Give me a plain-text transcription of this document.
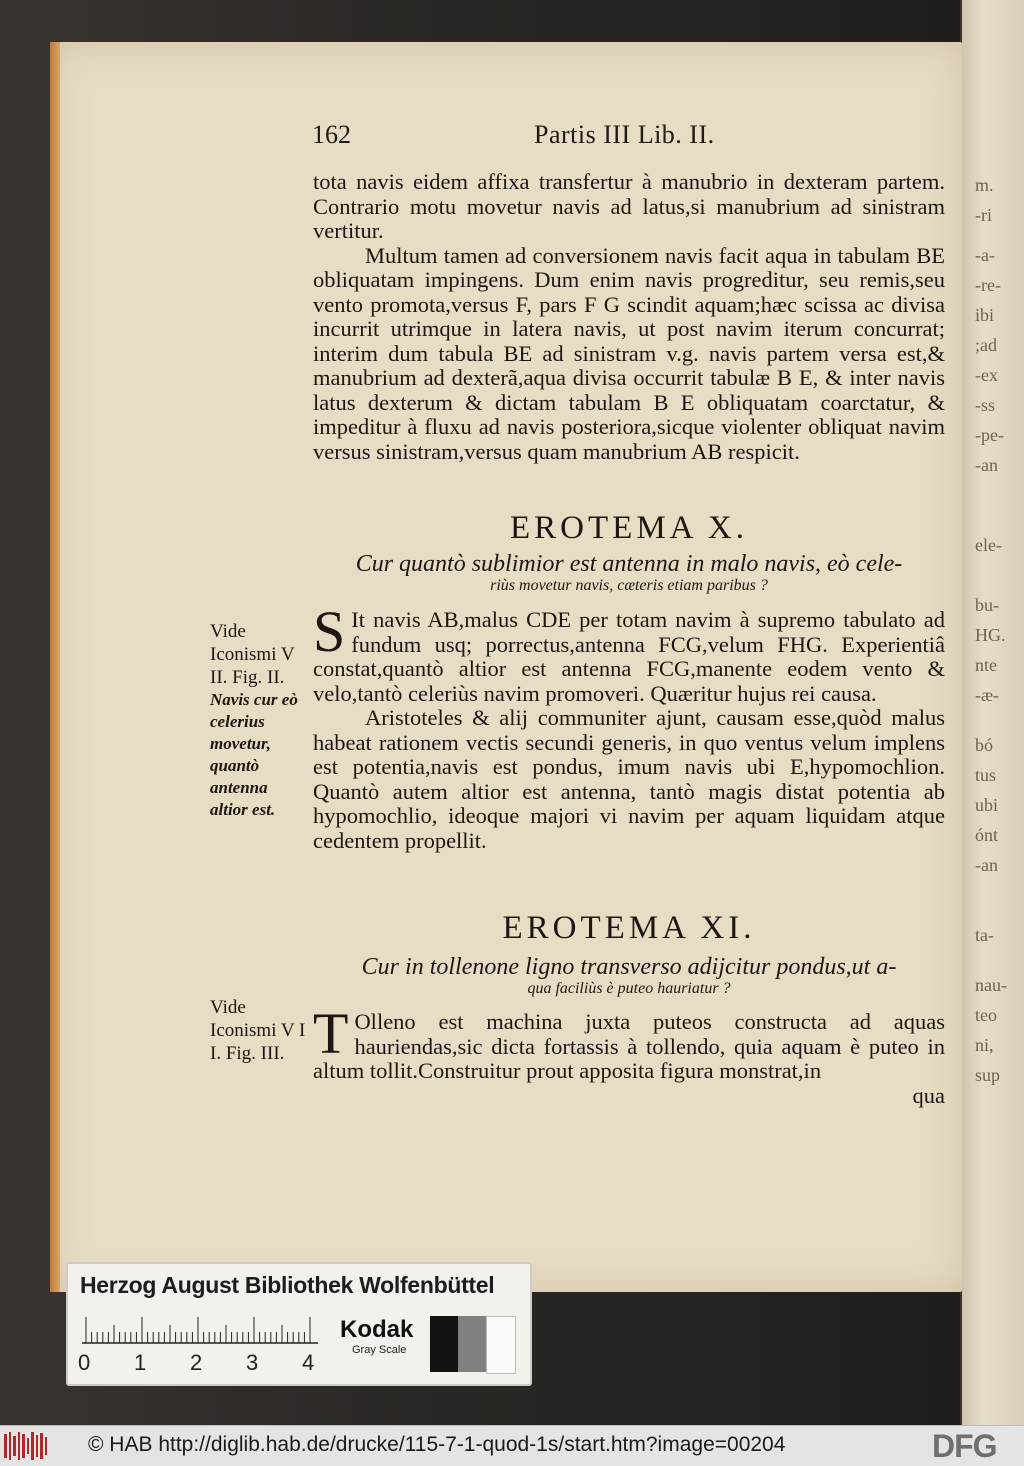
m.
-ri
-a-
-re-
ibi
;ad
-ex
-ss
-pe-
-an
ele-
bu-
HG.
nte
-æ-
bó
tus
ubi
ónt
-an
ta-
nau-
teo
ni,
sup
162	Partis III Lib. II.

tota navis eidem affixa transfertur à manubrio in dexteram partem. Contrario motu movetur navis ad latus,si manubrium ad sinistram vertitur.

Multum tamen ad conversionem navis facit aqua in tabulam BE obliquatam impingens. Dum enim navis progreditur, seu remis,seu vento promota,versus F, pars F G scindit aquam;hæc scissa ac divisa incurrit utrimque in latera navis, ut post navim iterum concurrat; interim dum tabula BE ad sinistram v.g. navis partem versa est,& manubrium ad dexterã,aqua divisa occurrit tabulæ B E, & inter navis latus dexterum & dictam tabulam B E obliquatam coarctatur, & impeditur à fluxu ad navis posteriora,sicque violenter obliquat navim versus sinistram,versus quam manubrium AB respicit.

EROTEMA X.
Cur quantò sublimior est antenna in malo navis, eò cele-
riùs movetur navis, cæteris etiam paribus ?
Vide Iconismi V II. Fig. II.
Navis cur eò celerius movetur, quantò antenna altior est.

S It navis AB,malus CDE per totam navim à supremo tabulato ad fundum usq; porrectus,antenna FCG,velum FHG. Experientiâ constat,quantò altior est antenna FCG,manente eodem vento & velo,tantò celeriùs navim promoveri. Quæritur hujus rei causa.

Aristoteles & alij communiter ajunt, causam esse,quòd malus habeat rationem vectis secundi generis, in quo ventus velum implens est potentia,navis est pondus, imum navis ubi E,hypomochlion. Quantò autem altior est antenna, tantò magis distat potentia ab hypomochlio, ideoque majori vi navim per aquam liquidam atque cedentem propellit.

EROTEMA XI.
Cur in tollenone ligno transverso adijcitur pondus,ut a-
qua faciliùs è puteo hauriatur ?
Vide Iconismi V I I. Fig. III. T Olleno est machina juxta puteos constructa ad aquas hauriendas,sic dicta fortassis à tollendo, quia aquam è puteo in altum tollit.Construitur prout apposita figura monstrat,in

qua

Herzog August Bibliothek Wolfenbüttel
0 1 2 3 4
Kodak
Gray Scale
© HAB http://diglib.hab.de/drucke/115-7-1-quod-1s/start.htm?image=00204	DFG
